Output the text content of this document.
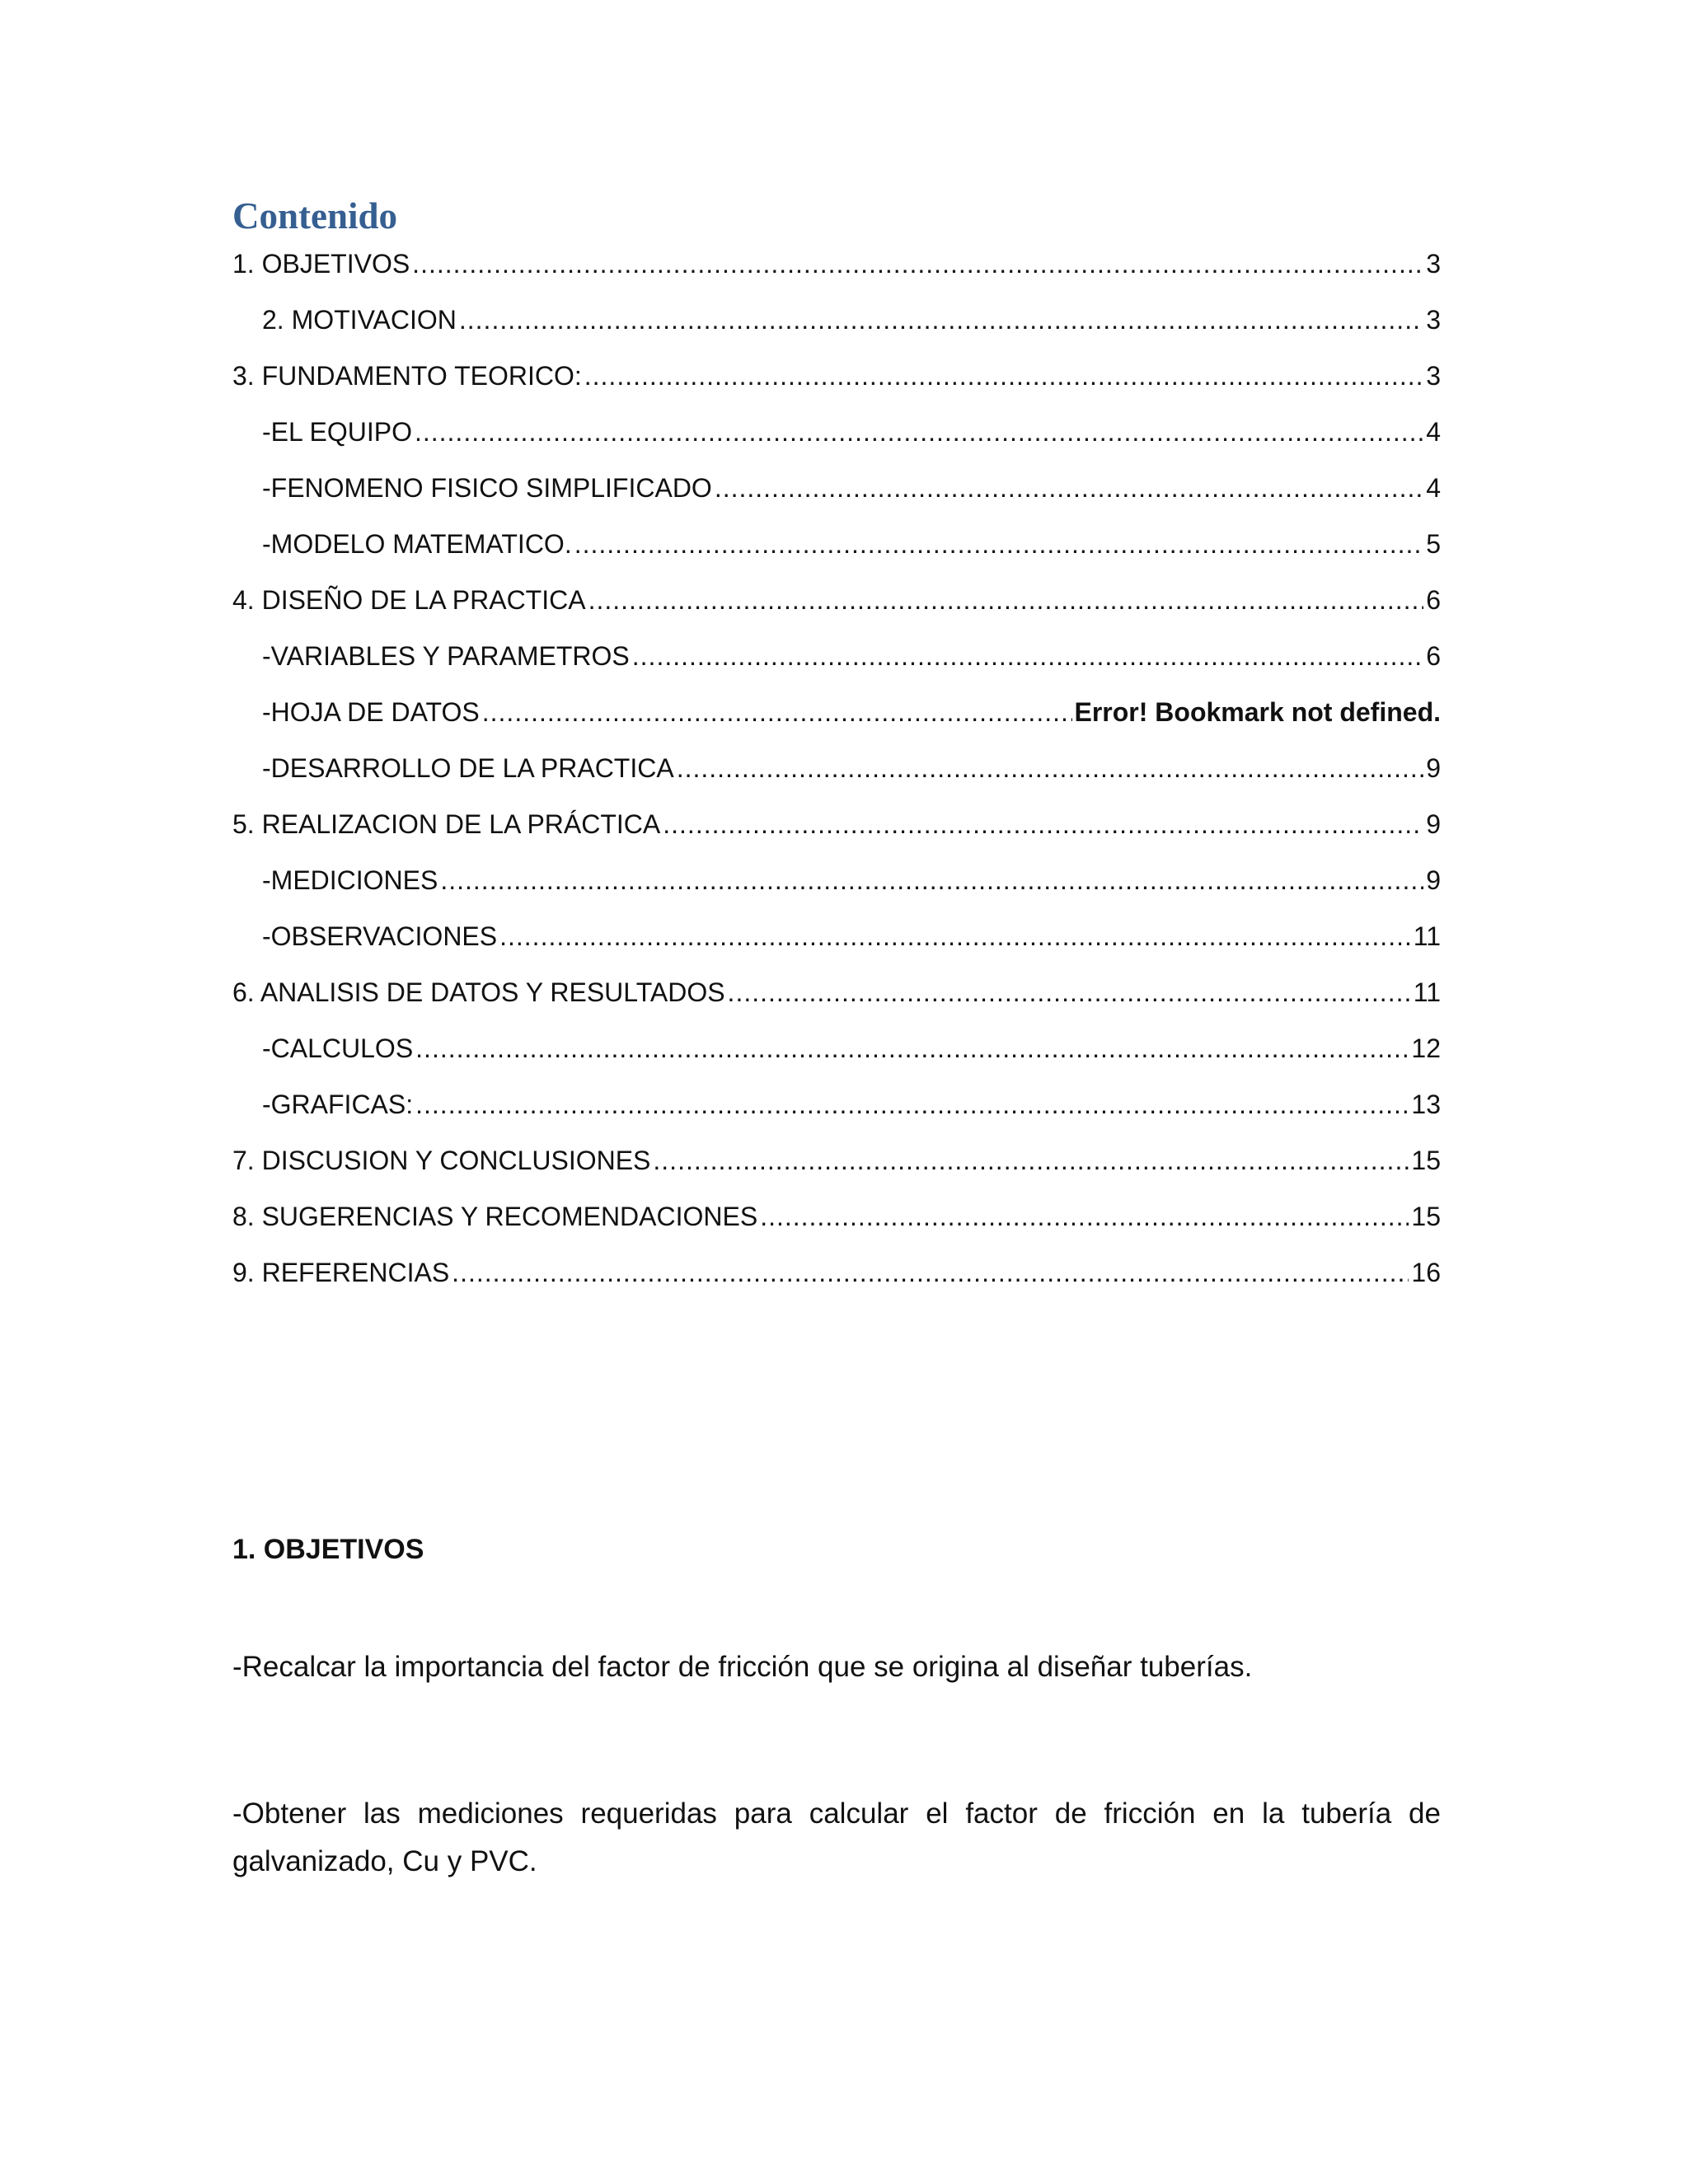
Contenido
1. OBJETIVOS .....	3
2. MOTIVACION .....	3
3. FUNDAMENTO TEORICO: .....	3
-EL EQUIPO .....	4
-FENOMENO FISICO SIMPLIFICADO .....	4
-MODELO MATEMATICO. .....	5
4. DISEÑO DE LA PRACTICA .....	6
-VARIABLES Y PARAMETROS .....	6
-HOJA DE DATOS .....	Error! Bookmark not defined.
-DESARROLLO DE LA PRACTICA .....	9
5. REALIZACION DE LA PRÁCTICA .....	9
-MEDICIONES .....	9
-OBSERVACIONES .....	11
6. ANALISIS DE DATOS Y RESULTADOS .....	11
-CALCULOS .....	12
-GRAFICAS: .....	13
7. DISCUSION Y CONCLUSIONES .....	15
8. SUGERENCIAS Y RECOMENDACIONES .....	15
9. REFERENCIAS .....	16
1. OBJETIVOS

-Recalcar la importancia del factor de fricción que se origina al diseñar tuberías.

-Obtener las mediciones requeridas para calcular el factor de fricción en la tubería de galvanizado, Cu y PVC.
